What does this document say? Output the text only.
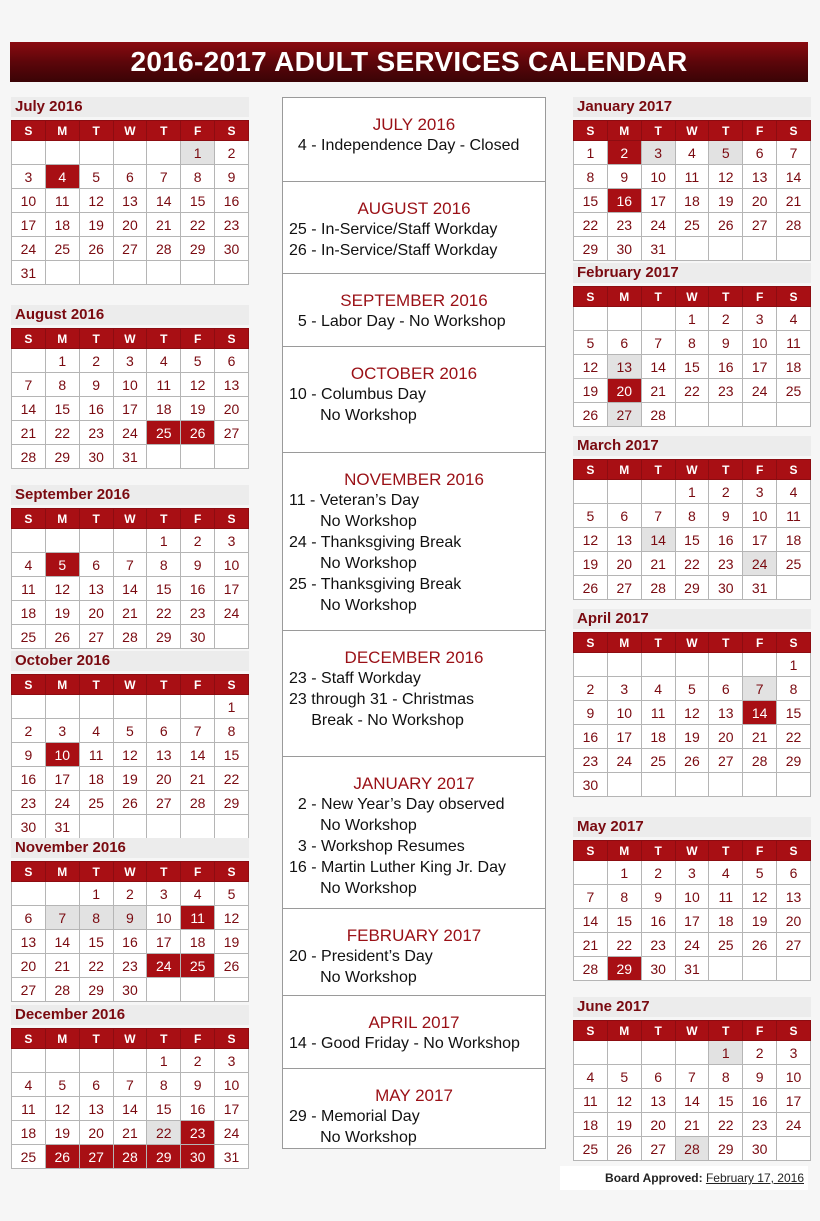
2016-2017 ADULT SERVICES CALENDAR
July 2016
S	M	T	W	T	F	S
					1	2
3	4	5	6	7	8	9
10	11	12	13	14	15	16
17	18	19	20	21	22	23
24	25	26	27	28	29	30
31						
August 2016
S	M	T	W	T	F	S
	1	2	3	4	5	6
7	8	9	10	11	12	13
14	15	16	17	18	19	20
21	22	23	24	25	26	27
28	29	30	31			
September 2016
S	M	T	W	T	F	S
				1	2	3
4	5	6	7	8	9	10
11	12	13	14	15	16	17
18	19	20	21	22	23	24
25	26	27	28	29	30	
October 2016
S	M	T	W	T	F	S
						1
2	3	4	5	6	7	8
9	10	11	12	13	14	15
16	17	18	19	20	21	22
23	24	25	26	27	28	29
30	31					
November 2016
S	M	T	W	T	F	S
		1	2	3	4	5
6	7	8	9	10	11	12
13	14	15	16	17	18	19
20	21	22	23	24	25	26
27	28	29	30			
December 2016
S	M	T	W	T	F	S
				1	2	3
4	5	6	7	8	9	10
11	12	13	14	15	16	17
18	19	20	21	22	23	24
25	26	27	28	29	30	31
January 2017
S	M	T	W	T	F	S
1	2	3	4	5	6	7
8	9	10	11	12	13	14
15	16	17	18	19	20	21
22	23	24	25	26	27	28
29	30	31				
February 2017
S	M	T	W	T	F	S
			1	2	3	4
5	6	7	8	9	10	11
12	13	14	15	16	17	18
19	20	21	22	23	24	25
26	27	28				
March 2017
S	M	T	W	T	F	S
			1	2	3	4
5	6	7	8	9	10	11
12	13	14	15	16	17	18
19	20	21	22	23	24	25
26	27	28	29	30	31	
April 2017
S	M	T	W	T	F	S
						1
2	3	4	5	6	7	8
9	10	11	12	13	14	15
16	17	18	19	20	21	22
23	24	25	26	27	28	29
30						
May 2017
S	M	T	W	T	F	S
	1	2	3	4	5	6
7	8	9	10	11	12	13
14	15	16	17	18	19	20
21	22	23	24	25	26	27
28	29	30	31			
June 2017
S	M	T	W	T	F	S
				1	2	3
4	5	6	7	8	9	10
11	12	13	14	15	16	17
18	19	20	21	22	23	24
25	26	27	28	29	30	
JULY 2016
4 - Independence Day - Closed
AUGUST 2016
25 - In-Service/Staff Workday
26 - In-Service/Staff Workday
SEPTEMBER 2016
5 - Labor Day - No Workshop
OCTOBER 2016
10 - Columbus Day
No Workshop
NOVEMBER 2016
11 - Veteran’s Day
No Workshop
24 - Thanksgiving Break
No Workshop
25 - Thanksgiving Break
No Workshop
DECEMBER 2016
23 - Staff Workday
23 through 31 - Christmas
Break - No Workshop
JANUARY 2017
2 - New Year’s Day observed
No Workshop
3 - Workshop Resumes
16 - Martin Luther King Jr. Day
No Workshop
FEBRUARY 2017
20 - President’s Day
No Workshop
APRIL 2017
14 - Good Friday - No Workshop
MAY 2017
29 - Memorial Day
No Workshop
Board Approved: February 17, 2016
